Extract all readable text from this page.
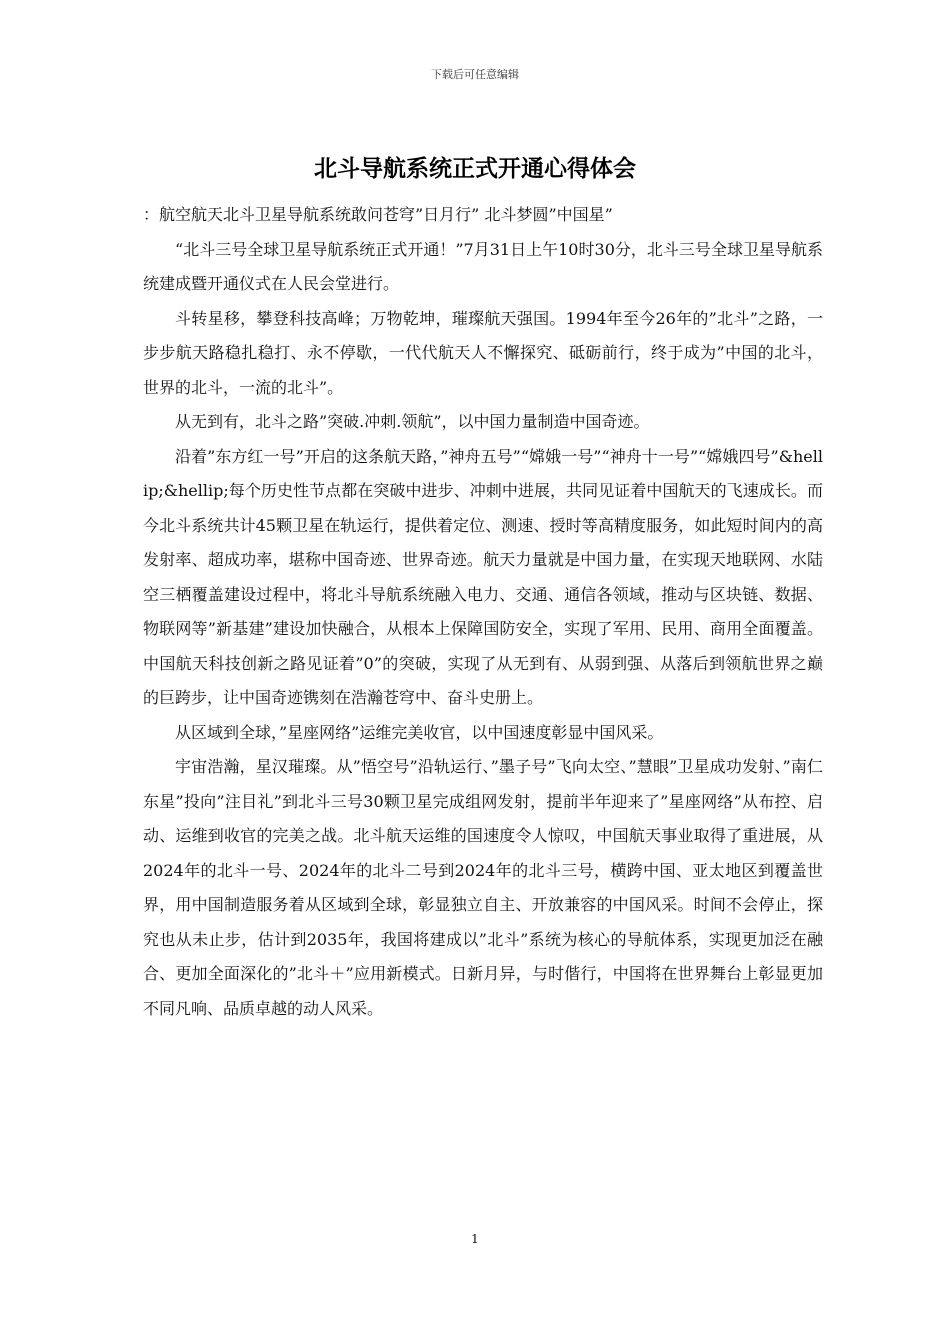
下载后可任意编辑
北斗导航系统正式开通心得体会

：航空航天北斗卫星导航系统敢问苍穹”日月行” 北斗梦圆”中国星”

“北斗三号全球卫星导航系统正式开通！”7月31日上午10时30分，北斗三号全球卫星导航系统建成暨开通仪式在人民会堂进行。

斗转星移，攀登科技高峰；万物乾坤，璀璨航天强国。1994年至今26年的”北斗”之路，一步步航天路稳扎稳打、永不停歇，一代代航天人不懈探究、砥砺前行，终于成为”中国的北斗，世界的北斗，一流的北斗”。

从无到有，北斗之路”突破.冲刺.领航”，以中国力量制造中国奇迹。

沿着”东方红一号”开启的这条航天路，”神舟五号”“嫦娥一号”“神舟十一号”“嫦娥四号”&hellip;&hellip;每个历史性节点都在突破中进步、冲刺中进展，共同见证着中国航天的飞速成长。而今北斗系统共计45颗卫星在轨运行，提供着定位、测速、授时等高精度服务，如此短时间内的高发射率、超成功率，堪称中国奇迹、世界奇迹。航天力量就是中国力量，在实现天地联网、水陆空三栖覆盖建设过程中，将北斗导航系统融入电力、交通、通信各领域，推动与区块链、数据、物联网等”新基建”建设加快融合，从根本上保障国防安全，实现了军用、民用、商用全面覆盖。中国航天科技创新之路见证着”0”的突破，实现了从无到有、从弱到强、从落后到领航世界之巅的巨跨步，让中国奇迹镌刻在浩瀚苍穹中、奋斗史册上。

从区域到全球，”星座网络”运维完美收官，以中国速度彰显中国风采。

宇宙浩瀚，星汉璀璨。从”悟空号”沿轨运行、”墨子号”飞向太空、”慧眼”卫星成功发射、”南仁东星”投向”注目礼”到北斗三号30颗卫星完成组网发射，提前半年迎来了”星座网络”从布控、启动、运维到收官的完美之战。北斗航天运维的国速度令人惊叹，中国航天事业取得了重进展，从2024年的北斗一号、2024年的北斗二号到2024年的北斗三号，横跨中国、亚太地区到覆盖世界，用中国制造服务着从区域到全球，彰显独立自主、开放兼容的中国风采。时间不会停止，探究也从未止步，估计到2035年，我国将建成以”北斗”系统为核心的导航体系，实现更加泛在融合、更加全面深化的”北斗＋”应用新模式。日新月异，与时偕行，中国将在世界舞台上彰显更加不同凡响、品质卓越的动人风采。

1
